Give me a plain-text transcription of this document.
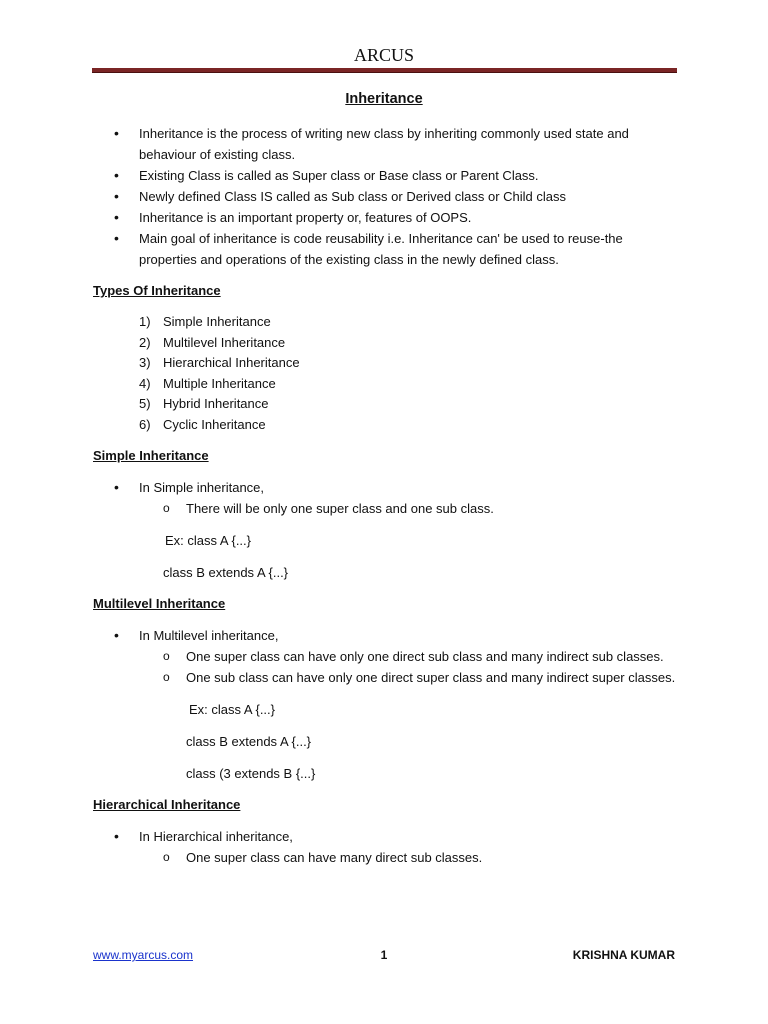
ARCUS
Inheritance
• Inheritance is the process of writing new class by inheriting commonly used state and behaviour of existing class.
• Existing Class is called as Super class or Base class or Parent Class.
• Newly defined Class IS called as Sub class or Derived class or Child class
• Inheritance is an important property or, features of OOPS.
• Main goal of inheritance is code reusability i.e. Inheritance can' be used to reuse-the properties and operations of the existing class in the newly defined class.
Types Of Inheritance
1) Simple Inheritance
2) Multilevel Inheritance
3) Hierarchical Inheritance
4) Multiple Inheritance
5) Hybrid Inheritance
6) Cyclic Inheritance
Simple Inheritance
• In Simple inheritance,
o There will be only one super class and one sub class.
Ex: class A {...}
class B extends A {...}
Multilevel Inheritance
• In Multilevel inheritance,
o One super class can have only one direct sub class and many indirect sub classes.
o One sub class can have only one direct super class and many indirect super classes.
Ex: class A {...}
class B extends A {...}
class (3 extends B {...}
Hierarchical Inheritance
• In Hierarchical inheritance,
o One super class can have many direct sub classes.
www.myarcus.com	1	KRISHNA KUMAR
